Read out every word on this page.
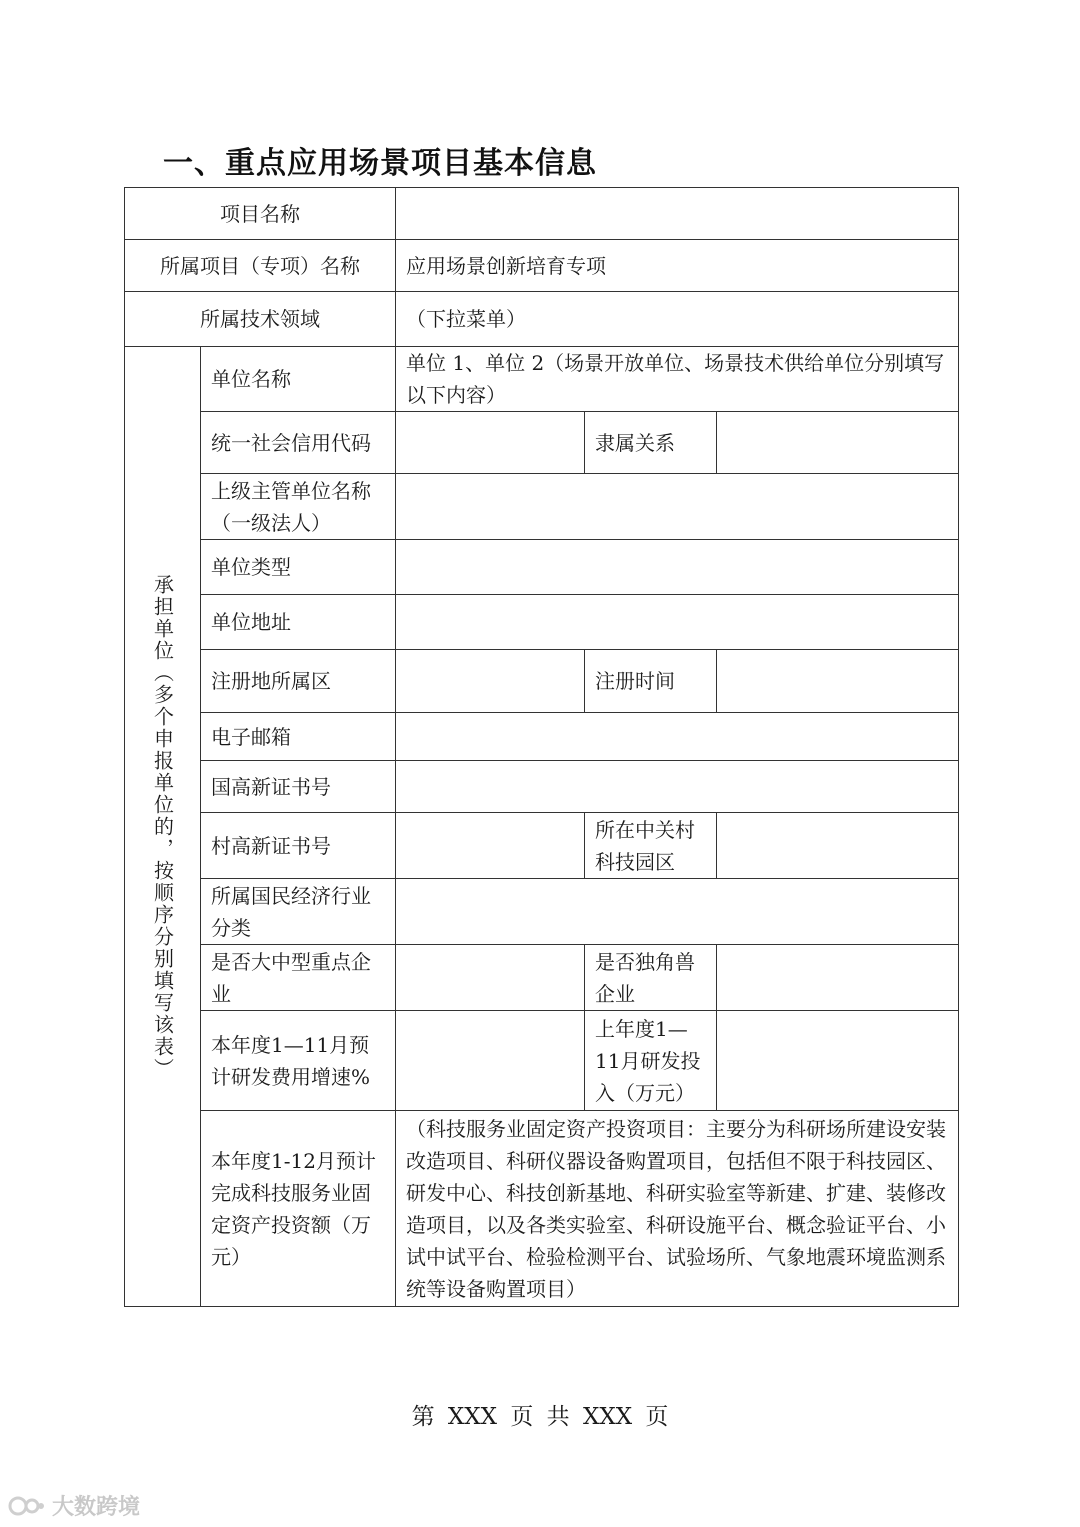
一、重点应用场景项目基本信息
项目名称				
所属项目（专项）名称		应用场景创新培育专项		
所属技术领域		（下拉菜单）		

承担单位（多个申报单位的，按顺序分别填写该表）	单位名称	单位 1、单位 2（场景开放单位、场景技术供给单位分别填写以下内容）		
	统一社会信用代码		隶属关系	
	上级主管单位名称（一级法人）			
	单位类型			
	单位地址			
	注册地所属区		注册时间	
	电子邮箱			
	国高新证书号			
	村高新证书号		所在中关村科技园区	
	所属国民经济行业分类			
	是否大中型重点企业		是否独角兽企业	
	本年度1—11月预计研发费用增速%		上年度1—11月研发投入（万元）	
	本年度1-12月预计完成科技服务业固定资产投资额（万元）	（科技服务业固定资产投资项目：主要分为科研场所建设安装改造项目、科研仪器设备购置项目，包括但不限于科技园区、研发中心、科技创新基地、科研实验室等新建、扩建、装修改造项目，以及各类实验室、科研设施平台、概念验证平台、小试中试平台、检验检测平台、试验场所、气象地震环境监测系统等设备购置项目）		
第 XXX 页 共 XXX 页
大数跨境
